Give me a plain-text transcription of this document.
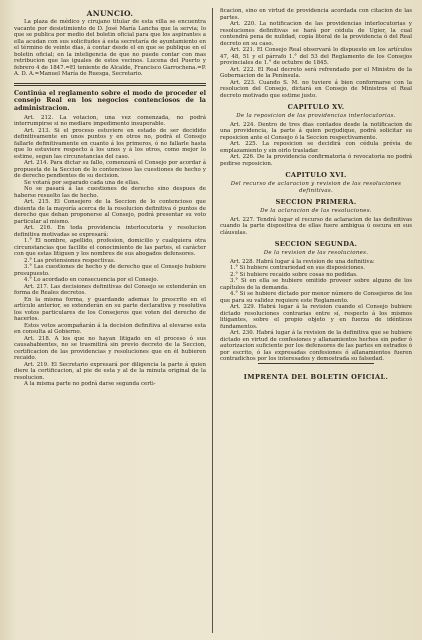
ANUNCIO.

La plaza de médico y cirujano titular de esta villa se encuentra vacante por desistimiento de D. José María Lancha que la servia; lo que se publica por medio del boletin oficial para que los aspirantes a ella acudan con sus solicitudes á esta secretaría de ayuntamiento en el término de veinte dias, á contar desde el en que se publique en el boletin oficial; en la inteligencia de que no puede contar con mas retribucion que las iguales de estos vecinos. Lucena del Puerto y febrero 4 de 1847.=El teniente de Alcalde, Francisco Garrochena.=P. A. D. A.=Manuel María de Ruesga, Secretario.

Continúa el reglamento sobre el modo de proceder el consejo Real en los negocios contenciosos de la administracion.

Art. 212. La votacion, una vez comenzada, no podrá interrumpirse si no mediare impedimento insuperable.

Art. 213. Si el proceso estuviere en estado de ser decidido definitivamente en unos puntos y en otros no, podrá el Consejo fallarle definitivamente en cuanto á los primeros, ó no fallarle hasta que lo estuviere respecto á los unos y á los otros, como mejor lo estime, segun las circunstancias del caso.

Art. 214. Para dictar su fallo, comenzará el Consejo por acordar á propuesta de la Seccion de lo contencioso las cuestiones de hecho y de derecho pendientes de su decision.

Se votará por separado cada una de ellas.

No se pasará á las cuestiones de derecho sino despues de haberse resuelto las de hecho.

Art. 215. El Consejero de la Seccion de lo contencioso que disienta de la mayoría acerca de la resolucion definitiva ó puntos de derecho que deban proponerse al Consejo, podrá presentar su voto particular al mismo.

Art. 216. En toda providencia interlocutoria y resolucion definitiva motivadas se expresará:

1.° El nombre, apellido, profesion, domicilio y cualquiera otra circunstancias que facilite el conocimiento de las partes, el carácter con que estas litiguen y los nombres de sus abogados defensores.

2.° Las pretensiones respectivas.

3.° Las cuestiones de hecho y de derecho que el Consejo hubiere presupuesto.

4.° Lo acordado en consecuencia por el Consejo.

Art. 217. Las decisiones definitivas del Consejo se extenderán en forma de Reales decretos.

En la misma forma, y guardando ademas lo prescrito en el artículo anterior, se extenderán en su parte declarativa y resolutiva los votos particulares de los Consejeros que voten del derecho de hacerlos.

Estos votos acompañarán á la decision definitiva al elevarse esta en consulta al Gobierno.

Art. 218. A los que no hayan litigado en el proceso ó sus causahabientes, no se trasmitirá sin previo decreto de la Seccion, certificacion de las providencias y resoluciones que en él hubieren recaido.

Art. 219. El Secretario expresará por diligencia la parte á quien diere la certificacion, al pie de esta y al de la minuta original de la resolucion.

A la misma parte no podrá darse segunda certi-

ficacion, sino en virtud de providencia acordada con citacion de las partes.

Art. 220. La notificacion de las providencias interlocutorias y resoluciones definitivas se hará por cédula de Ugier, la cual contendrá pena de nulidad, copia literal de la providencia ó del Real decreto en su caso.

Art. 221. El Consejo Real observará lo dispuesto en los artículos 47, 48, 51 y el párrafo 1.° del 53 del Reglamento de los Consejos provinciales de 1.° de octubre de 1845.

Art. 222. El Real decreto será refrendado por el Ministro de la Gobernacion de la Península.

Art. 223. Cuando S. M. no tuviere á bien conformarse con la resolucion del Consejo, dictará en Consejo de Ministros el Real decreto motivado que estime justo.

CAPITULO XV.
De la reposicion de las providencias interlocutorias.

Art. 224. Dentro de tres dias contados desde la notificacion de una providencia, la parte á quien perjudique, podrá solicitar su reposicion ante el Consejo ó la Seccion respectivamente.

Art. 225. La reposicion se decidirá con cédula prévia de emplazamiento y sin oirlo trasladar.

Art. 226. De la providencia confirmatoria ó revocatoria no podrá pedirse reposicion.

CAPITULO XVI.
Del recurso de aclaracion y revision de las resoluciones definitivas.
SECCION PRIMERA.
De la aclaracion de las resoluciones.

Art. 227. Tendrá lugar el recurso de aclaracion de las definitivas cuando la parte dispositiva de ellas fuere ambigua ú oscura en sus cláusulas.

SECCION SEGUNDA.
De la revision de las resoluciones.

Art. 228. Habrá lugar á la revision de una definitiva:

1.° Si hubiere contrariedad en sus disposiciones.

2.° Si hubiere recaido sobre cosas no pedidas.

3.° Si en ella se hubiere omitido proveer sobre alguno de los capítulos de la demanda.

4.° Si se hubiere dictado por menor número de Consejeros de los que para su validez requiere este Reglamento.

Art. 229. Habrá lugar á la revision cuando el Consejo hubiere dictado resoluciones contrarias entre sí, respecto á los mismos litigantes, sobre el propio objeto y en fuerza de idénticos fundamentos.

Art. 230. Habrá lugar á la revision de la definitiva que se hubiere dictado en virtud de confesiones y allanamientos hechos sin poder ó autorizacion suficiente por los defensores de las partes en estrados ó por escrito, ó las expresadas confesiones ó allanamientos fueren contradichos por los interesados y demostrada su falsedad.

IMPRENTA DEL BOLETIN OFICIAL.
